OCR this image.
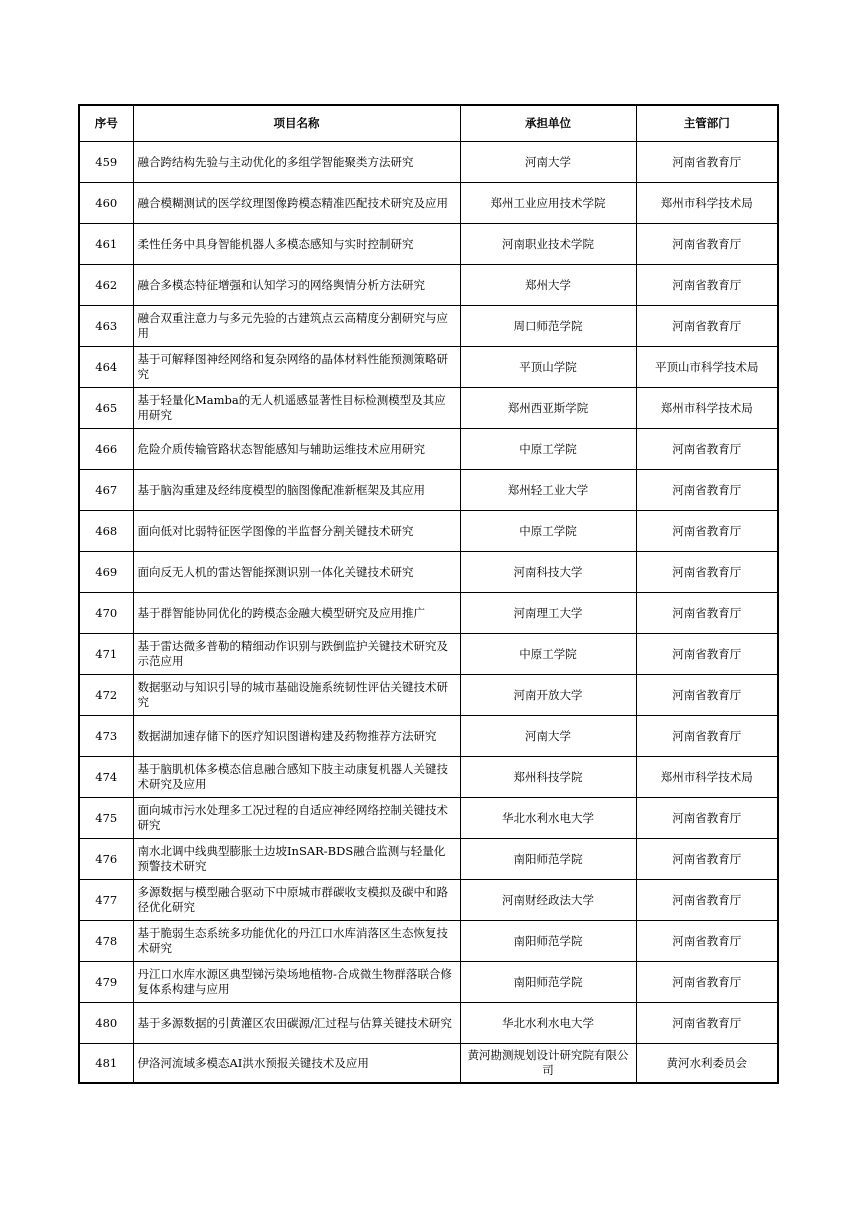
序号	项目名称	承担单位	主管部门
459	融合跨结构先验与主动优化的多组学智能聚类方法研究	河南大学	河南省教育厅
460	融合模糊测试的医学纹理图像跨模态精准匹配技术研究及应用	郑州工业应用技术学院	郑州市科学技术局
461	柔性任务中具身智能机器人多模态感知与实时控制研究	河南职业技术学院	河南省教育厅
462	融合多模态特征增强和认知学习的网络舆情分析方法研究	郑州大学	河南省教育厅
463	融合双重注意力与多元先验的古建筑点云高精度分割研究与应用	周口师范学院	河南省教育厅
464	基于可解释图神经网络和复杂网络的晶体材料性能预测策略研究	平顶山学院	平顶山市科学技术局
465	基于轻量化Mamba的无人机遥感显著性目标检测模型及其应用研究	郑州西亚斯学院	郑州市科学技术局
466	危险介质传输管路状态智能感知与辅助运维技术应用研究	中原工学院	河南省教育厅
467	基于脑沟重建及经纬度模型的脑图像配准新框架及其应用	郑州轻工业大学	河南省教育厅
468	面向低对比弱特征医学图像的半监督分割关键技术研究	中原工学院	河南省教育厅
469	面向反无人机的雷达智能探测识别一体化关键技术研究	河南科技大学	河南省教育厅
470	基于群智能协同优化的跨模态金融大模型研究及应用推广	河南理工大学	河南省教育厅
471	基于雷达微多普勒的精细动作识别与跌倒监护关键技术研究及示范应用	中原工学院	河南省教育厅
472	数据驱动与知识引导的城市基础设施系统韧性评估关键技术研究	河南开放大学	河南省教育厅
473	数据湖加速存储下的医疗知识图谱构建及药物推荐方法研究	河南大学	河南省教育厅
474	基于脑肌机体多模态信息融合感知下肢主动康复机器人关键技术研究及应用	郑州科技学院	郑州市科学技术局
475	面向城市污水处理多工况过程的自适应神经网络控制关键技术研究	华北水利水电大学	河南省教育厅
476	南水北调中线典型膨胀土边坡InSAR-BDS融合监测与轻量化预警技术研究	南阳师范学院	河南省教育厅
477	多源数据与模型融合驱动下中原城市群碳收支模拟及碳中和路径优化研究	河南财经政法大学	河南省教育厅
478	基于脆弱生态系统多功能优化的丹江口水库消落区生态恢复技术研究	南阳师范学院	河南省教育厅
479	丹江口水库水源区典型锑污染场地植物-合成微生物群落联合修复体系构建与应用	南阳师范学院	河南省教育厅
480	基于多源数据的引黄灌区农田碳源/汇过程与估算关键技术研究	华北水利水电大学	河南省教育厅
481	伊洛河流域多模态AI洪水预报关键技术及应用	黄河勘测规划设计研究院有限公司	黄河水利委员会
